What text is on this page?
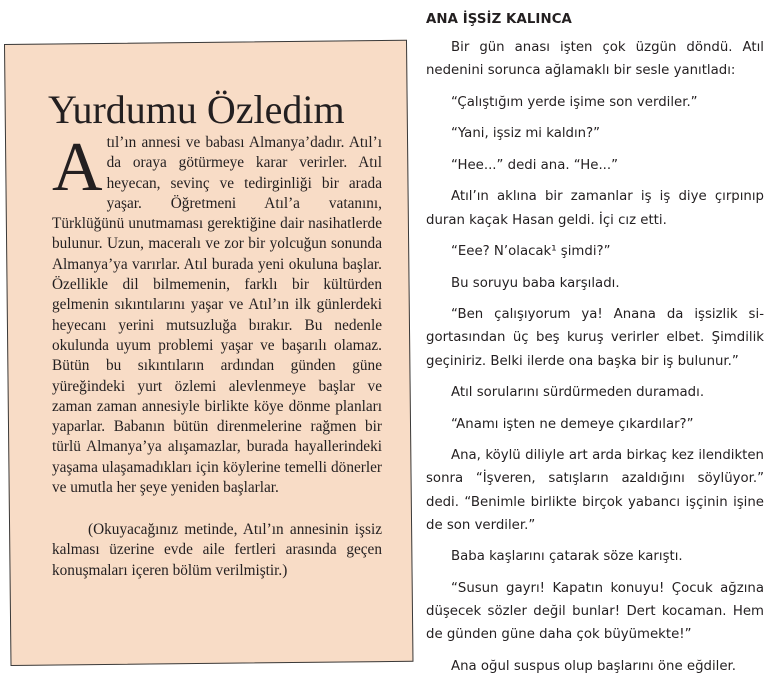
Yurdumu Özledim

Atıl’ın annesi ve babası Almanya’dadır. Atıl’ı da oraya götürmeye karar verirler. Atıl heyecan, sevinç ve tedirginliği bir arada yaşar. Öğretmeni Atıl’a vatanını, Türklüğünü unutmaması gerektiğine dair nasihatlerde bulunur. Uzun, maceralı ve zor bir yolcuğun sonunda Almanya’ya varırlar. Atıl burada yeni okuluna başlar. Özellikle dil bilmemenin, farklı bir kültürden gelmenin sıkıntılarını yaşar ve Atıl’ın ilk günlerdeki heyecanı yerini mutsuzluğa bırakır. Bu nedenle okulunda uyum problemi yaşar ve başarılı olamaz. Bütün bu sıkıntıların ardından günden güne yüreğindeki yurt özlemi alevlenmeye başlar ve zaman zaman annesiyle birlikte köye dönme planları yaparlar. Babanın bütün direnmelerine rağmen bir türlü Almanya’ya alışamazlar, burada hayallerindeki yaşama ulaşamadıkları için köylerine temelli dönerler ve umutla her şeye yeniden başlarlar.

(Okuyacağınız metinde, Atıl’ın annesinin işsiz kalması üzerine evde aile fertleri arasında geçen konuşmaları içeren bölüm verilmiştir.)

ANA İŞSİZ KALINCA

Bir gün anası işten çok üzgün döndü. Atıl nedenini sorunca ağlamaklı bir sesle yanıtladı:

“Çalıştığım yerde işime son verdiler.”

“Yani, işsiz mi kaldın?”

“Hee...” dedi ana. “He...”

Atıl’ın aklına bir zamanlar iş iş diye çırpınıp duran kaçak Hasan geldi. İçi cız etti.

“Eee? N’olacak¹ şimdi?”

Bu soruyu baba karşıladı.

“Ben çalışıyorum ya! Anana da işsizlik sigortasından üç beş kuruş verirler elbet. Şimdilik geçiniriz. Belki ilerde ona başka bir iş bulunur.”

Atıl sorularını sürdürmeden duramadı.

“Anamı işten ne demeye çıkardılar?”

Ana, köylü diliyle art arda birkaç kez ilendikten sonra “İşveren, satışların azaldığını söylüyor.” dedi. “Benimle birlikte birçok yabancı işçinin işine de son verdiler.”

Baba kaşlarını çatarak söze karıştı.

“Susun gayrı! Kapatın konuyu! Çocuk ağzına düşecek sözler değil bunlar! Dert kocaman. Hem de günden güne daha çok büyümekte!”

Ana oğul suspus olup başlarını öne eğdiler.
